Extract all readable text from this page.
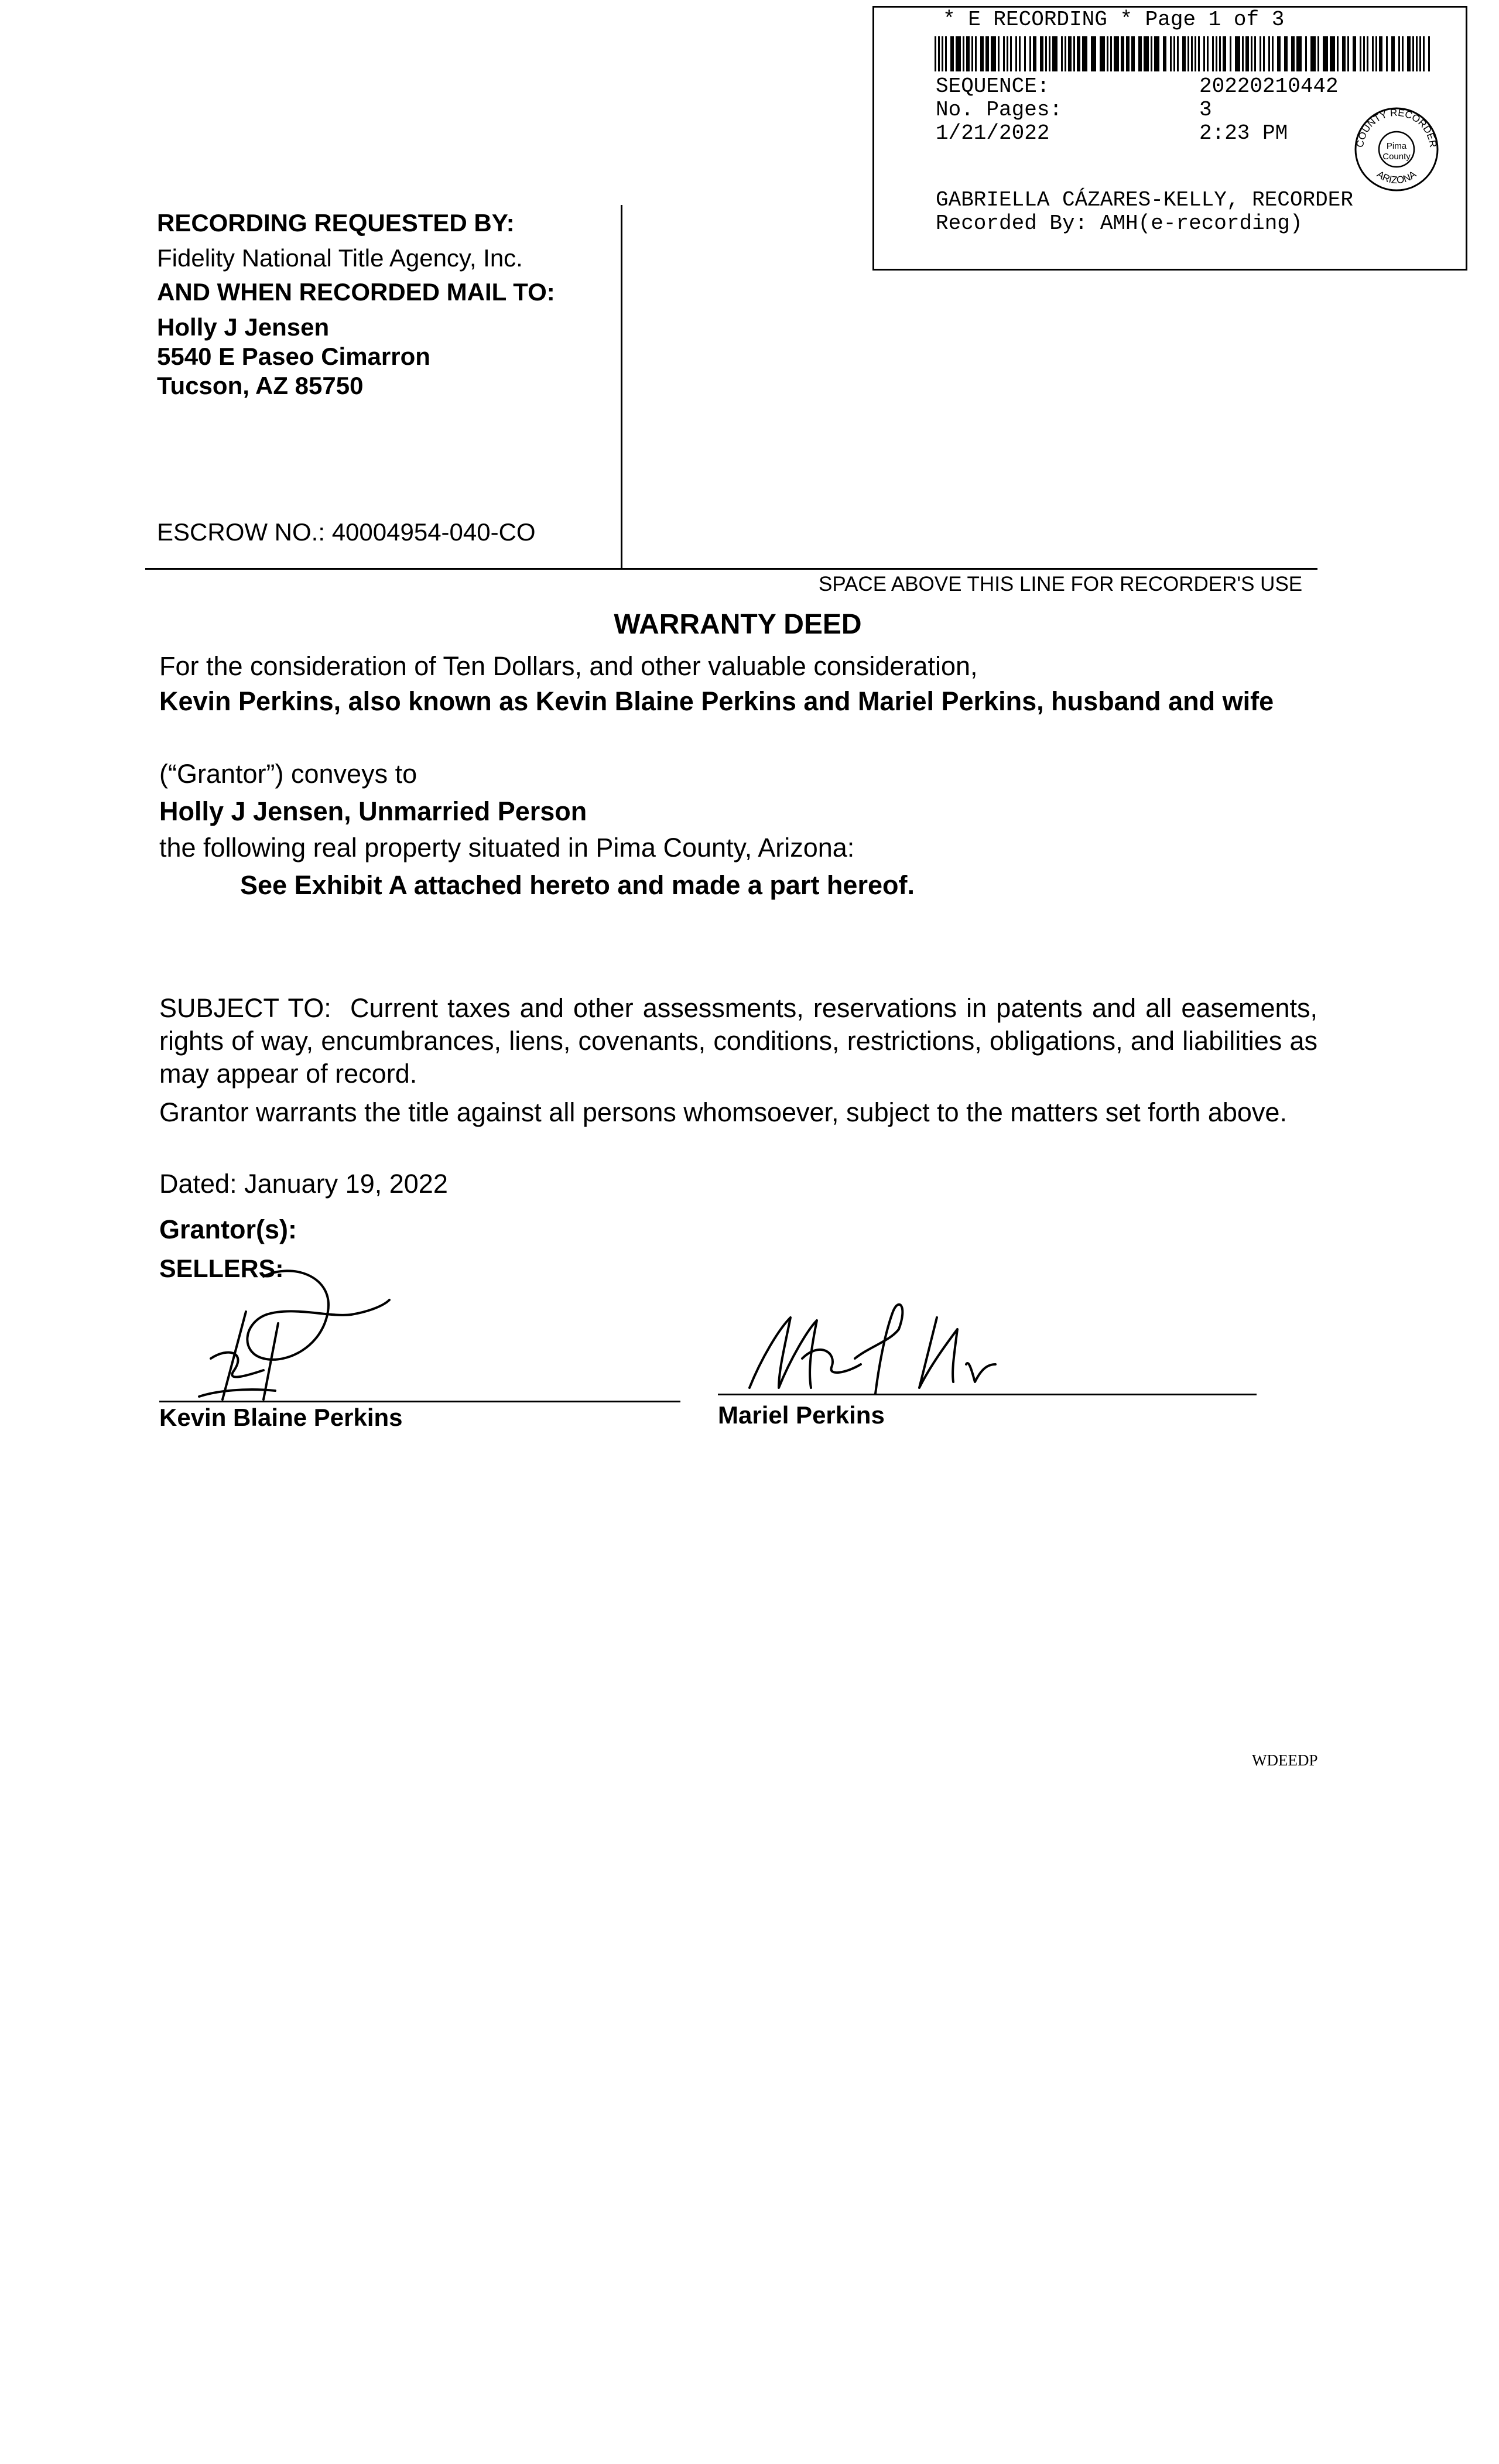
* E RECORDING * Page 1 of 3
SEQUENCE:	20220210442
No. Pages:	3
1/21/2022	2:23 PM	COUNTY RECORDER
ARIZONA
Pima
County
GABRIELLA CÁZARES-KELLY, RECORDER
Recorded By: AMH(e-recording)
RECORDING REQUESTED BY:
Fidelity National Title Agency, Inc.
AND WHEN RECORDED MAIL TO:
Holly J Jensen
5540 E Paseo Cimarron
Tucson, AZ 85750
ESCROW NO.: 40004954-040-CO
SPACE ABOVE THIS LINE FOR RECORDER'S USE
WARRANTY DEED
For the consideration of Ten Dollars, and other valuable consideration,
Kevin Perkins, also known as Kevin Blaine Perkins and Mariel Perkins, husband and wife
(“Grantor”) conveys to
Holly J Jensen, Unmarried Person
the following real property situated in Pima County, Arizona:
See Exhibit A attached hereto and made a part hereof.
SUBJECT TO:  Current taxes and other assessments, reservations in patents and all easements, rights of way, encumbrances, liens, covenants, conditions, restrictions, obligations, and liabilities as may appear of record.
Grantor warrants the title against all persons whomsoever, subject to the matters set forth above.
Dated: January 19, 2022
Grantor(s):
SELLERS:
Kevin Blaine Perkins	Mariel Perkins
WDEEDP
